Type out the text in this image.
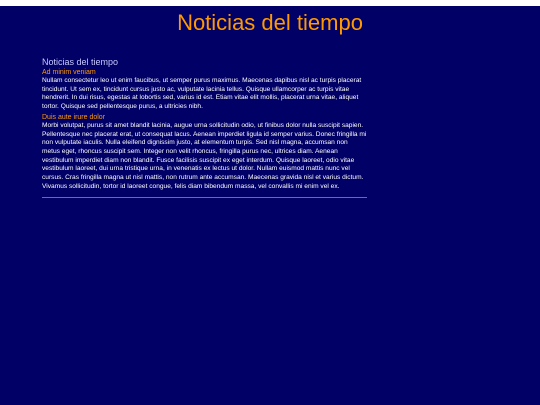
Noticias del tiempo
Noticias del tiempo
Ad minim veniam

Nullam consectetur leo ut enim faucibus, ut semper purus maximus. Maecenas dapibus nisl ac turpis placerat tincidunt. Ut sem ex, tincidunt cursus justo ac, vulputate lacinia tellus. Quisque ullamcorper ac turpis vitae hendrerit. In dui risus, egestas at lobortis sed, varius id est. Etiam vitae elit mollis, placerat urna vitae, aliquet tortor. Quisque sed pellentesque purus, a ultricies nibh.

Duis aute irure dolor

Morbi volutpat, purus sit amet blandit lacinia, augue urna sollicitudin odio, ut finibus dolor nulla suscipit sapien. Pellentesque nec placerat erat, ut consequat lacus. Aenean imperdiet ligula id semper varius. Donec fringilla mi non vulputate iaculis. Nulla eleifend dignissim justo, at elementum turpis. Sed nisl magna, accumsan non metus eget, rhoncus suscipit sem. Integer non velit rhoncus, fringilla purus nec, ultrices diam. Aenean vestibulum imperdiet diam non blandit. Fusce facilisis suscipit ex eget interdum. Quisque laoreet, odio vitae vestibulum laoreet, dui urna tristique urna, in venenatis ex lectus ut dolor. Nullam euismod mattis nunc vel cursus. Cras fringilla magna ut nisl mattis, non rutrum ante accumsan. Maecenas gravida nisl et varius dictum. Vivamus sollicitudin, tortor id laoreet congue, felis diam bibendum massa, vel convallis mi enim vel ex.
